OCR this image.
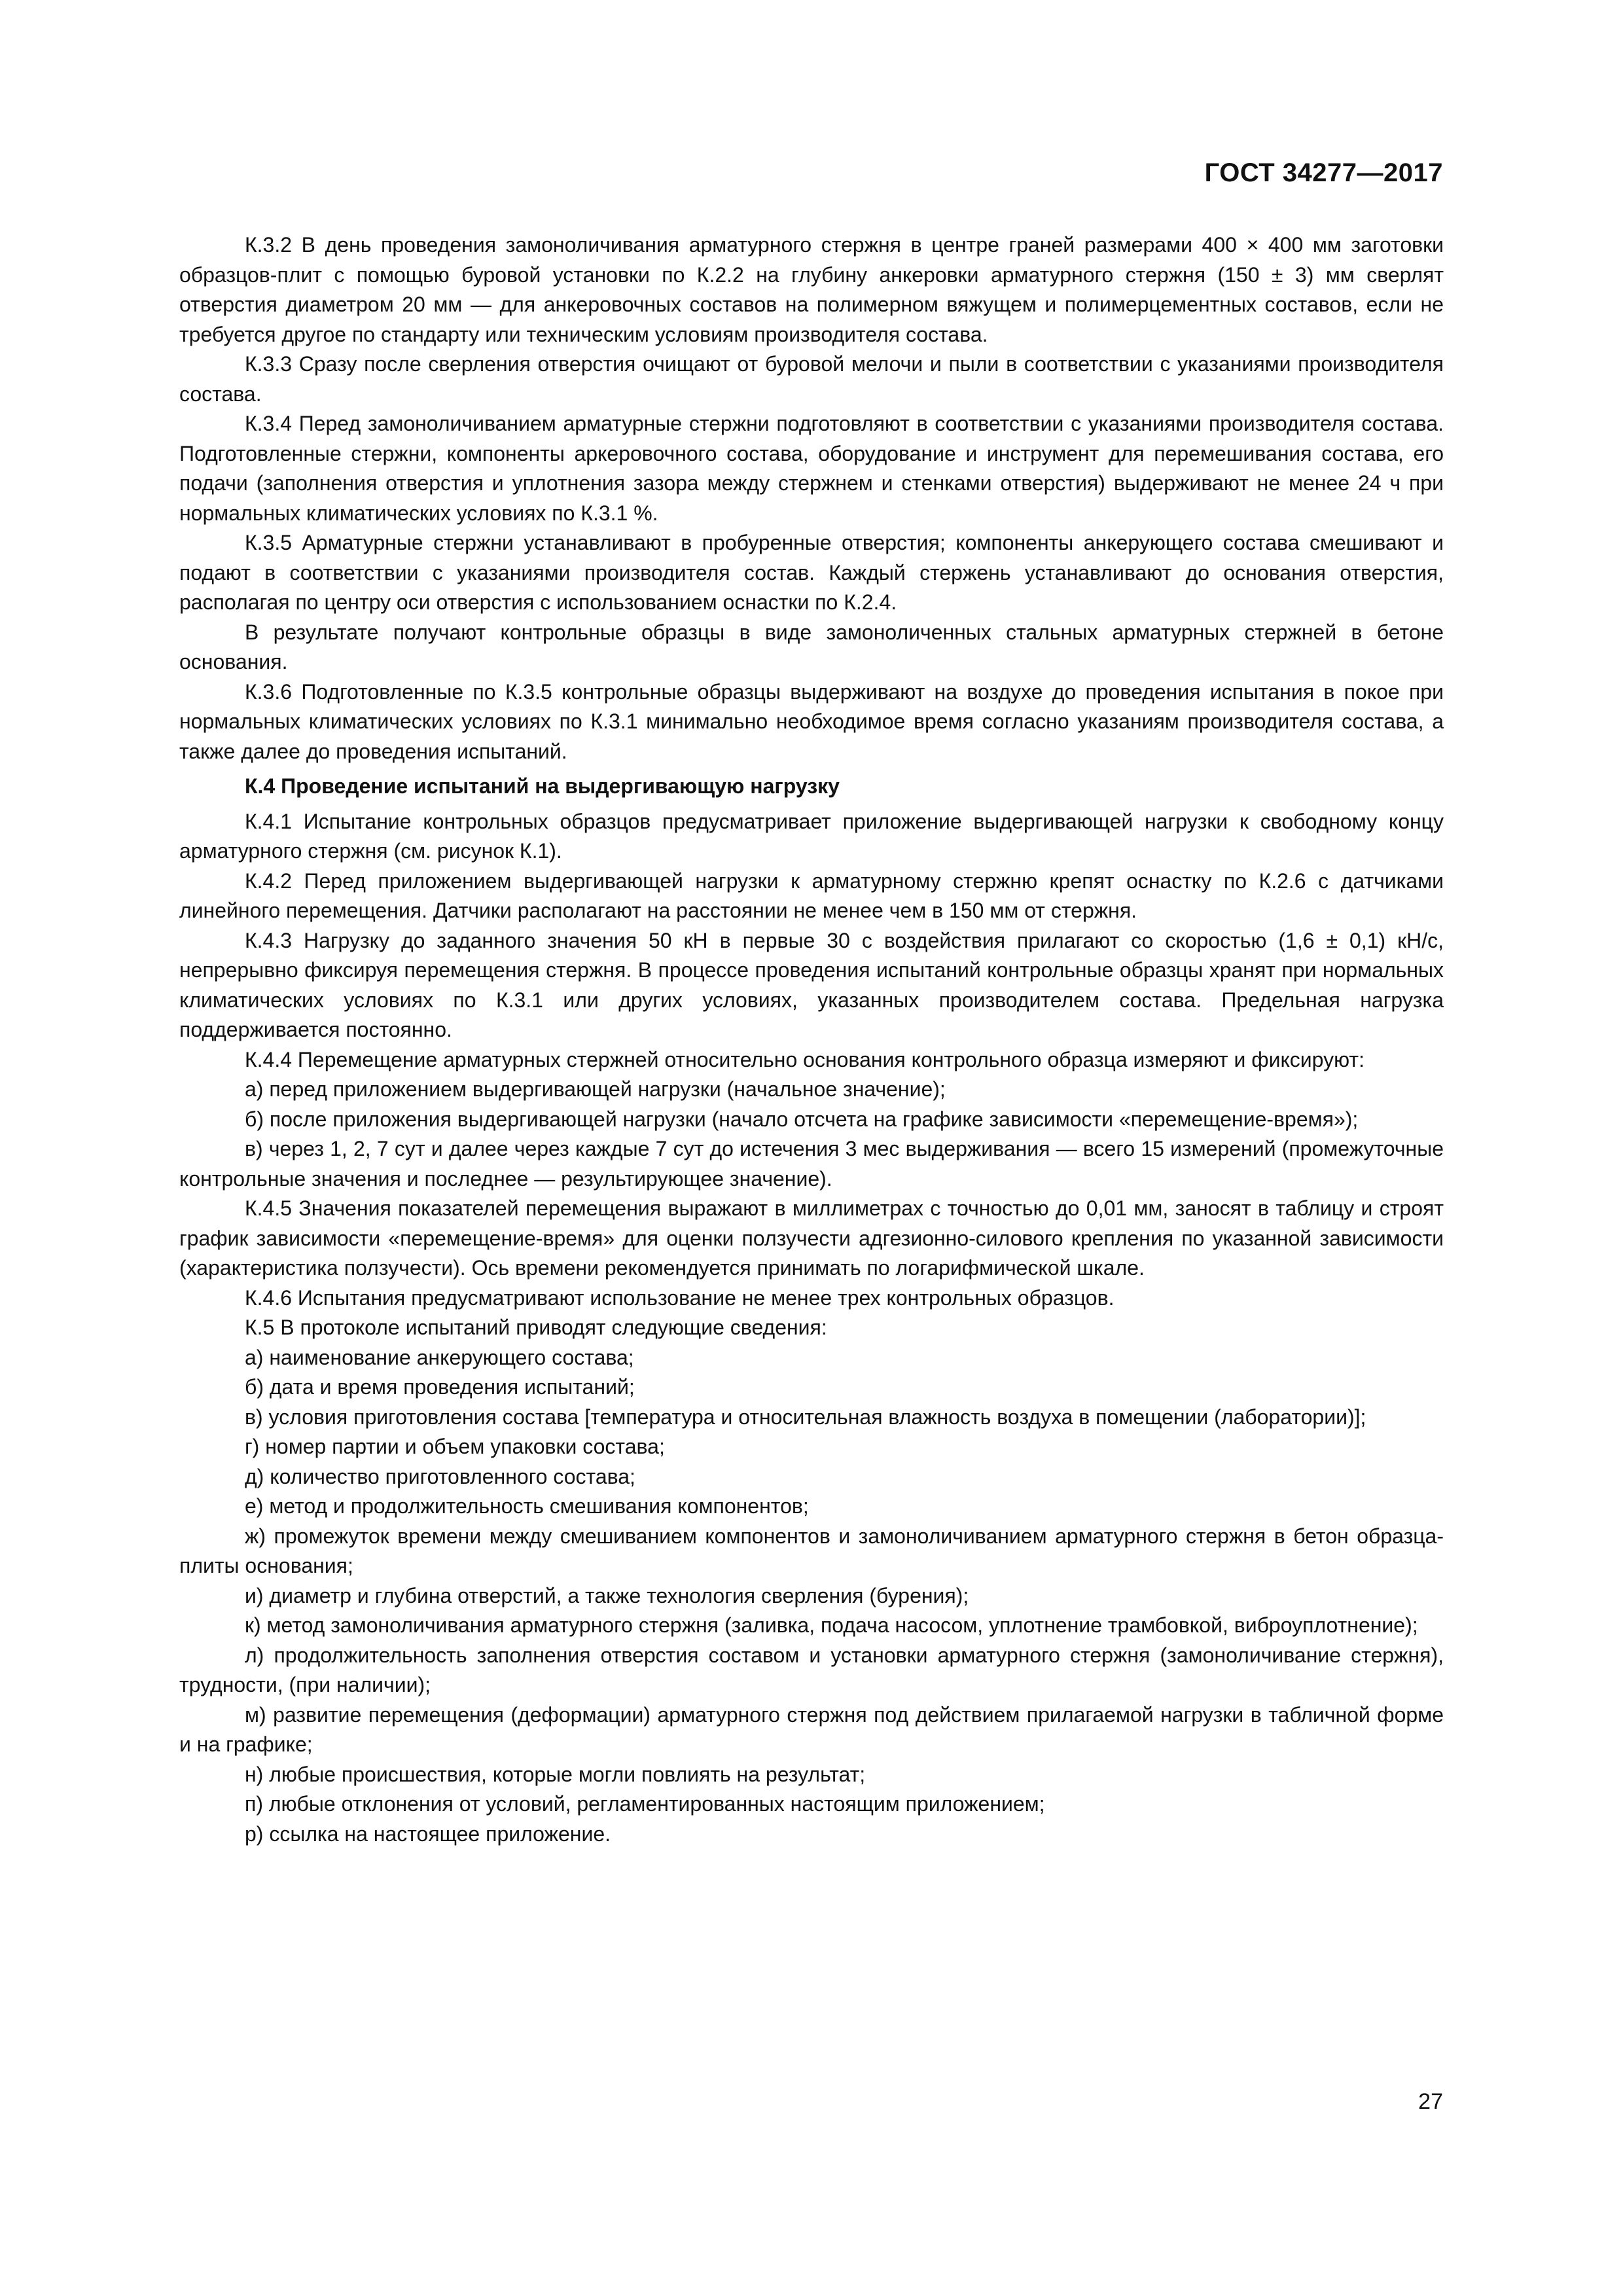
ГОСТ 34277—2017

К.3.2 В день проведения замоноличивания арматурного стержня в центре граней размерами 400 × 400 мм заготовки образцов-плит с помощью буровой установки по К.2.2 на глубину анкеровки арматурного стержня (150 ± 3) мм сверлят отверстия диаметром 20 мм — для анкеровочных составов на полимерном вяжущем и полимерцементных составов, если не требуется другое по стандарту или техническим условиям производителя состава.

К.3.3 Сразу после сверления отверстия очищают от буровой мелочи и пыли в соответствии с указаниями производителя состава.

К.3.4 Перед замоноличиванием арматурные стержни подготовляют в соответствии с указаниями производителя состава. Подготовленные стержни, компоненты аркеровочного состава, оборудование и инструмент для перемешивания состава, его подачи (заполнения отверстия и уплотнения зазора между стержнем и стенками отверстия) выдерживают не менее 24 ч при нормальных климатических условиях по К.3.1 %.

К.3.5 Арматурные стержни устанавливают в пробуренные отверстия; компоненты анкерующего состава смешивают и подают в соответствии с указаниями производителя состав. Каждый стержень устанавливают до основания отверстия, располагая по центру оси отверстия с использованием оснастки по К.2.4.

В результате получают контрольные образцы в виде замоноличенных стальных арматурных стержней в бетоне основания.

К.3.6 Подготовленные по К.3.5 контрольные образцы выдерживают на воздухе до проведения испытания в покое при нормальных климатических условиях по К.3.1 минимально необходимое время согласно указаниям производителя состава, а также далее до проведения испытаний.

К.4 Проведение испытаний на выдергивающую нагрузку

К.4.1 Испытание контрольных образцов предусматривает приложение выдергивающей нагрузки к свободному концу арматурного стержня (см. рисунок К.1).

К.4.2 Перед приложением выдергивающей нагрузки к арматурному стержню крепят оснастку по К.2.6 с датчиками линейного перемещения. Датчики располагают на расстоянии не менее чем в 150 мм от стержня.

К.4.3 Нагрузку до заданного значения 50 кН в первые 30 с воздействия прилагают со скоростью (1,6 ± 0,1) кН/с, непрерывно фиксируя перемещения стержня. В процессе проведения испытаний контрольные образцы хранят при нормальных климатических условиях по К.3.1 или других условиях, указанных производителем состава. Предельная нагрузка поддерживается постоянно.

К.4.4 Перемещение арматурных стержней относительно основания контрольного образца измеряют и фиксируют:

а) перед приложением выдергивающей нагрузки (начальное значение);

б) после приложения выдергивающей нагрузки (начало отсчета на графике зависимости «перемещение-время»);

в) через 1, 2, 7 сут и далее через каждые 7 сут до истечения 3 мес выдерживания — всего 15 измерений (промежуточные контрольные значения и последнее — результирующее значение).

К.4.5 Значения показателей перемещения выражают в миллиметрах с точностью до 0,01 мм, заносят в таблицу и строят график зависимости «перемещение-время» для оценки ползучести адгезионно-силового крепления по указанной зависимости (характеристика ползучести). Ось времени рекомендуется принимать по логарифмической шкале.

К.4.6 Испытания предусматривают использование не менее трех контрольных образцов.

К.5 В протоколе испытаний приводят следующие сведения:

а) наименование анкерующего состава;

б) дата и время проведения испытаний;

в) условия приготовления состава [температура и относительная влажность воздуха в помещении (лаборатории)];

г) номер партии и объем упаковки состава;

д) количество приготовленного состава;

е) метод и продолжительность смешивания компонентов;

ж) промежуток времени между смешиванием компонентов и замоноличиванием арматурного стержня в бетон образца-плиты основания;

и) диаметр и глубина отверстий, а также технология сверления (бурения);

к) метод замоноличивания арматурного стержня (заливка, подача насосом, уплотнение трамбовкой, виброуплотнение);

л) продолжительность заполнения отверстия составом и установки арматурного стержня (замоноличивание стержня), трудности, (при наличии);

м) развитие перемещения (деформации) арматурного стержня под действием прилагаемой нагрузки в табличной форме и на графике;

н) любые происшествия, которые могли повлиять на результат;

п) любые отклонения от условий, регламентированных настоящим приложением;

р) ссылка на настоящее приложение.

27
